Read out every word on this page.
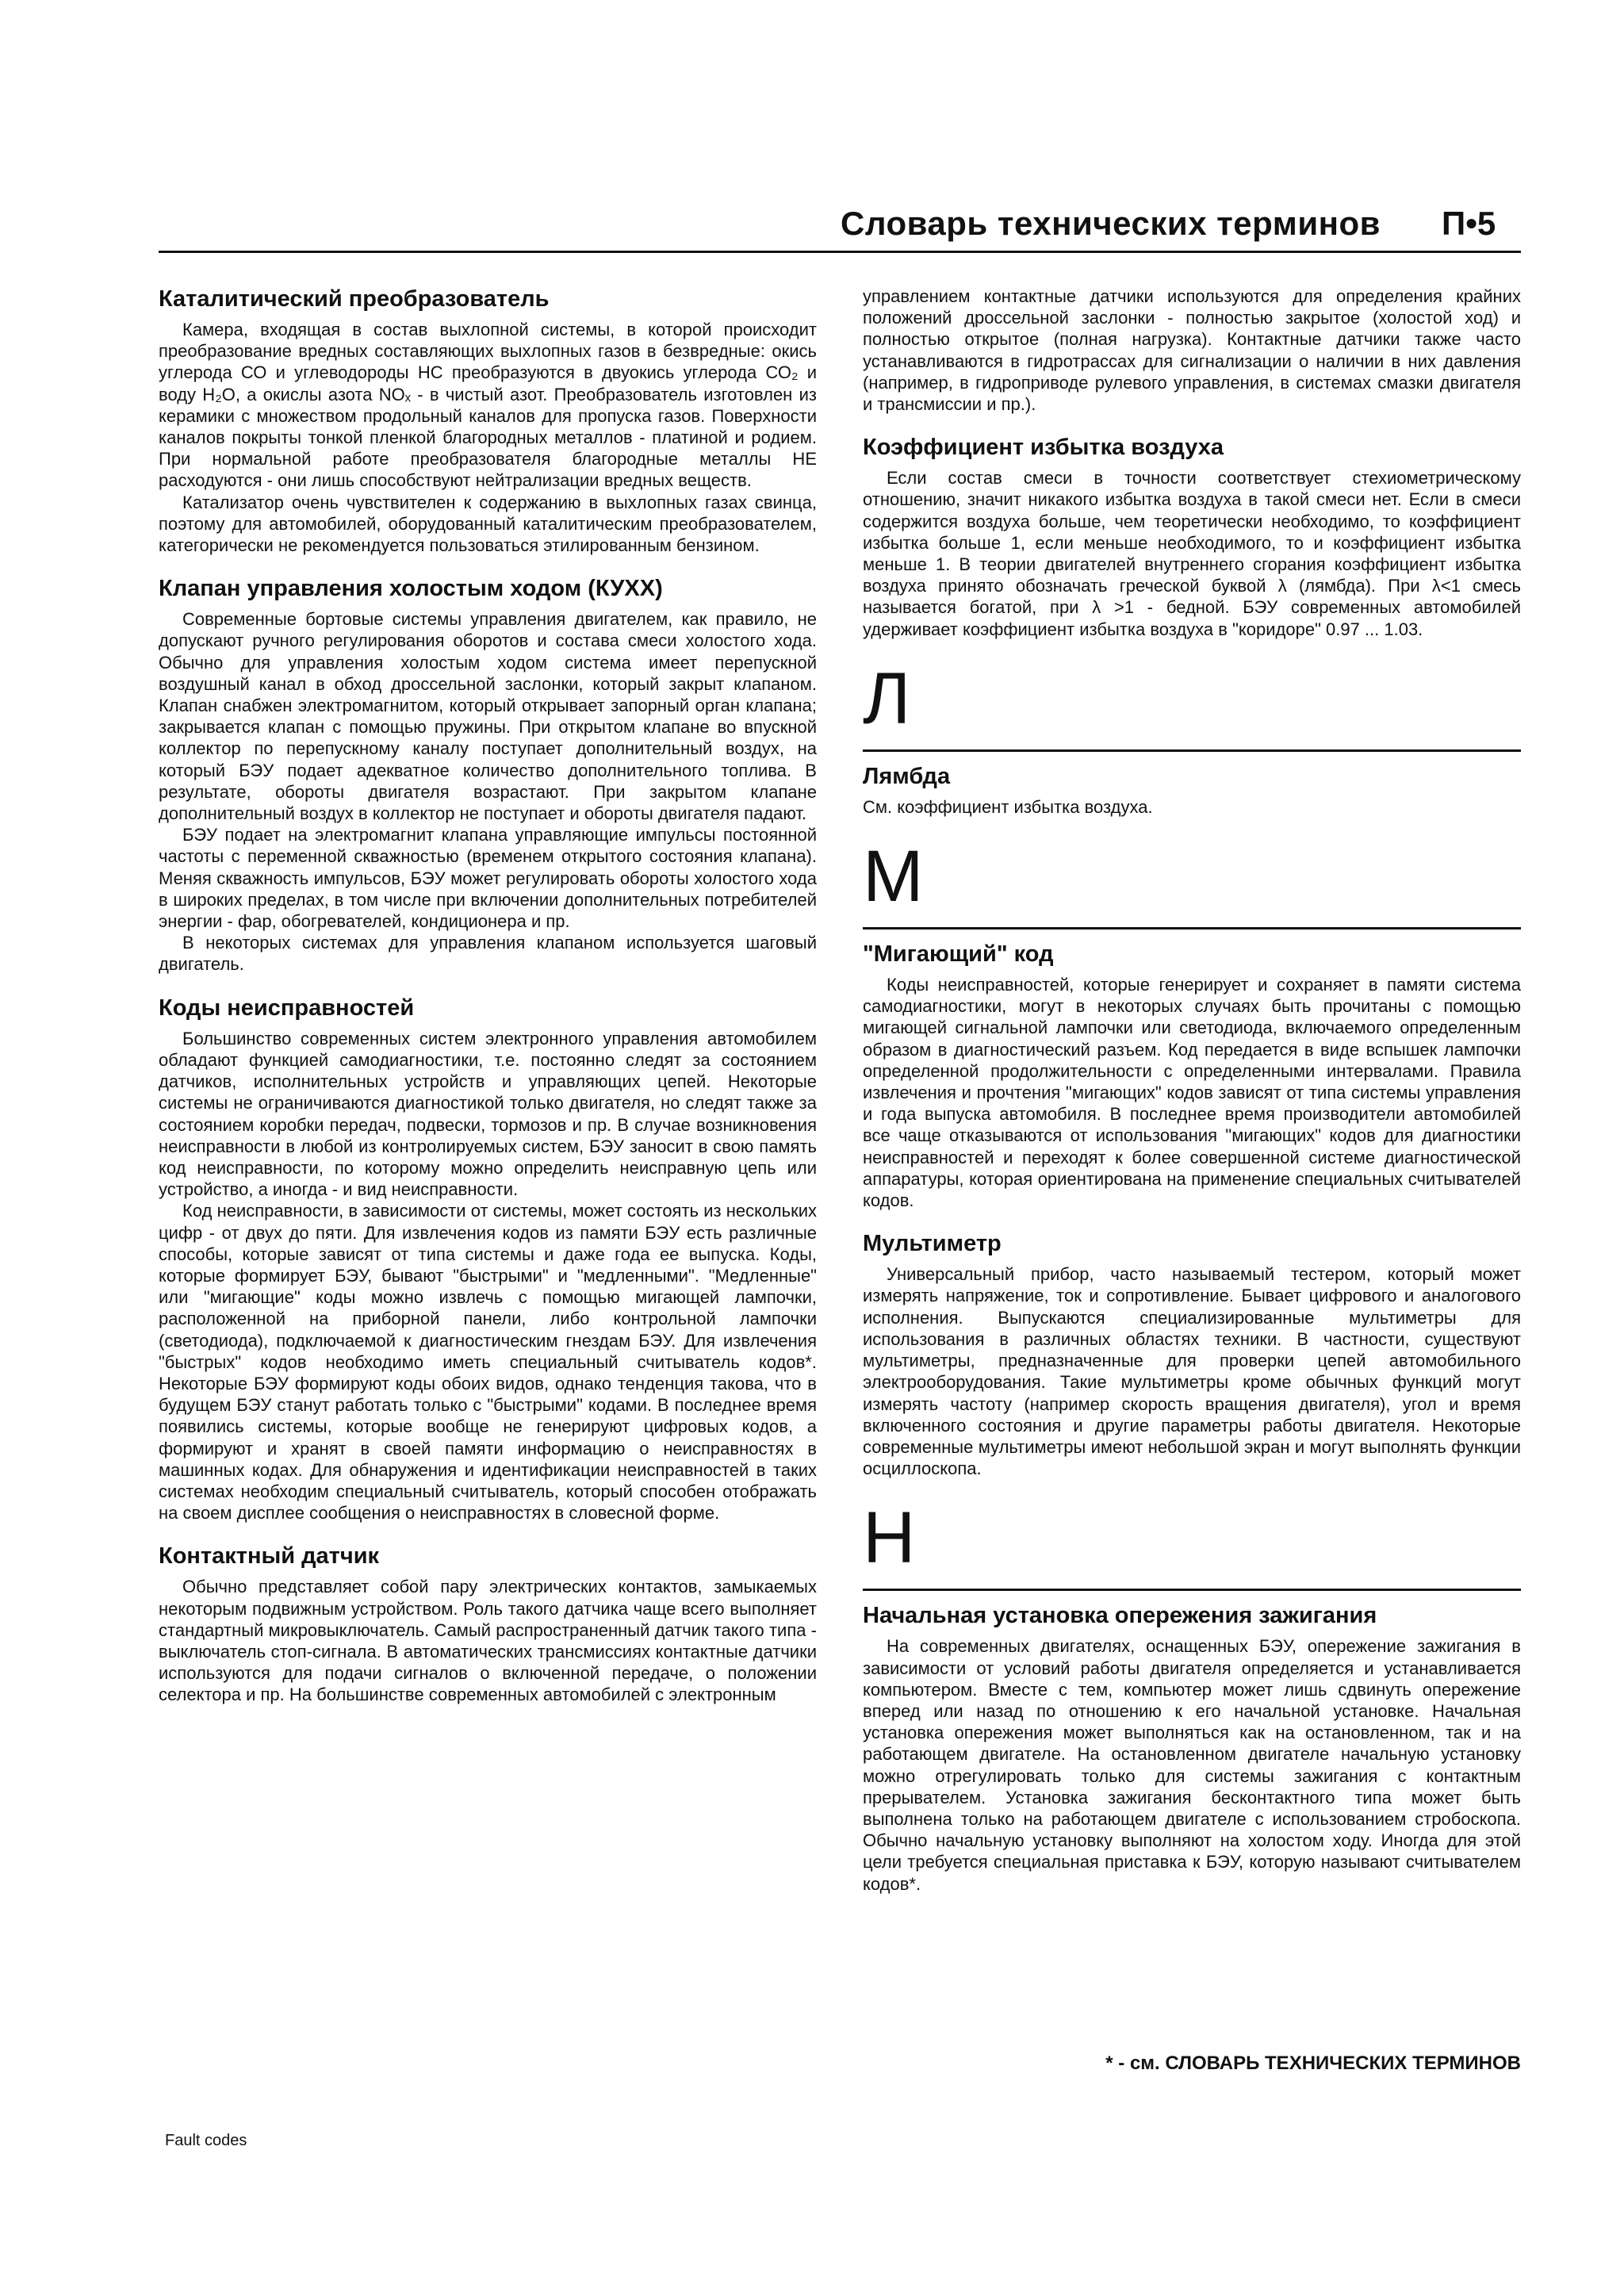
Словарь технических терминов П•5
Каталитический преобразователь

Камера, входящая в состав выхлопной системы, в которой происходит преобразование вредных составляющих выхлопных газов в безвредные: окись углерода СО и углеводороды НС преобразуются в двуокись углерода СО₂ и воду Н₂О, а окислы азота NOₓ - в чистый азот. Преобразователь изготовлен из керамики с множеством продольный каналов для пропуска газов. Поверхности каналов покрыты тонкой пленкой благородных металлов - платиной и родием. При нормальной работе преобразователя благородные металлы НЕ расходуются - они лишь способствуют нейтрализации вредных веществ.

Катализатор очень чувствителен к содержанию в выхлопных газах свинца, поэтому для автомобилей, оборудованный каталитическим преобразователем, категорически не рекомендуется пользоваться этилированным бензином.

Клапан управления холостым ходом (КУХХ)

Современные бортовые системы управления двигателем, как правило, не допускают ручного регулирования оборотов и состава смеси холостого хода. Обычно для управления холостым ходом система имеет перепускной воздушный канал в обход дроссельной заслонки, который закрыт клапаном. Клапан снабжен электромагнитом, который открывает запорный орган клапана; закрывается клапан с помощью пружины. При открытом клапане во впускной коллектор по перепускному каналу поступает дополнительный воздух, на который БЭУ подает адекватное количество дополнительного топлива. В результате, обороты двигателя возрастают. При закрытом клапане дополнительный воздух в коллектор не поступает и обороты двигателя падают.

БЭУ подает на электромагнит клапана управляющие импульсы постоянной частоты с переменной скважностью (временем открытого состояния клапана). Меняя скважность импульсов, БЭУ может регулировать обороты холостого хода в широких пределах, в том числе при включении дополнительных потребителей энергии - фар, обогревателей, кондиционера и пр.

В некоторых системах для управления клапаном используется шаговый двигатель.

Коды неисправностей

Большинство современных систем электронного управления автомобилем обладают функцией самодиагностики, т.е. постоянно следят за состоянием датчиков, исполнительных устройств и управляющих цепей. Некоторые системы не ограничиваются диагностикой только двигателя, но следят также за состоянием коробки передач, подвески, тормозов и пр. В случае возникновения неисправности в любой из контролируемых систем, БЭУ заносит в свою память код неисправности, по которому можно определить неисправную цепь или устройство, а иногда - и вид неисправности.

Код неисправности, в зависимости от системы, может состоять из нескольких цифр - от двух до пяти. Для извлечения кодов из памяти БЭУ есть различные способы, которые зависят от типа системы и даже года ее выпуска. Коды, которые формирует БЭУ, бывают "быстрыми" и "медленными". "Медленные" или "мигающие" коды можно извлечь с помощью мигающей лампочки, расположенной на приборной панели, либо контрольной лампочки (светодиода), подключаемой к диагностическим гнездам БЭУ. Для извлечения "быстрых" кодов необходимо иметь специальный считыватель кодов*. Некоторые БЭУ формируют коды обоих видов, однако тенденция такова, что в будущем БЭУ станут работать только с "быстрыми" кодами. В последнее время появились системы, которые вообще не генерируют цифровых кодов, а формируют и хранят в своей памяти информацию о неисправностях в машинных кодах. Для обнаружения и идентификации неисправностей в таких системах необходим специальный считыватель, который способен отображать на своем дисплее сообщения о неисправностях в словесной форме.

Контактный датчик

Обычно представляет собой пару электрических контактов, замыкаемых некоторым подвижным устройством. Роль такого датчика чаще всего выполняет стандартный микровыключатель. Самый распространенный датчик такого типа - выключатель стоп-сигнала. В автоматических трансмиссиях контактные датчики используются для подачи сигналов о включенной передаче, о положении селектора и пр. На большинстве современных автомобилей с электронным

управлением контактные датчики используются для определения крайних положений дроссельной заслонки - полностью закрытое (холостой ход) и полностью открытое (полная нагрузка). Контактные датчики также часто устанавливаются в гидротрассах для сигнализации о наличии в них давления (например, в гидроприводе рулевого управления, в системах смазки двигателя и трансмиссии и пр.).

Коэффициент избытка воздуха

Если состав смеси в точности соответствует стехиометрическому отношению, значит никакого избытка воздуха в такой смеси нет. Если в смеси содержится воздуха больше, чем теоретически необходимо, то коэффициент избытка больше 1, если меньше необходимого, то и коэффициент избытка меньше 1. В теории двигателей внутреннего сгорания коэффициент избытка воздуха принято обозначать греческой буквой λ (лямбда). При λ<1 смесь называется богатой, при λ >1 - бедной. БЭУ современных автомобилей удерживает коэффициент избытка воздуха в "коридоре" 0.97 ... 1.03.

Л
Лямбда

См. коэффициент избытка воздуха.

М
"Мигающий" код

Коды неисправностей, которые генерирует и сохраняет в памяти система самодиагностики, могут в некоторых случаях быть прочитаны с помощью мигающей сигнальной лампочки или светодиода, включаемого определенным образом в диагностический разъем. Код передается в виде вспышек лампочки определенной продолжительности с определенными интервалами. Правила извлечения и прочтения "мигающих" кодов зависят от типа системы управления и года выпуска автомобиля. В последнее время производители автомобилей все чаще отказываются от использования "мигающих" кодов для диагностики неисправностей и переходят к более совершенной системе диагностической аппаратуры, которая ориентирована на применение специальных считывателей кодов.

Мультиметр

Универсальный прибор, часто называемый тестером, который может измерять напряжение, ток и сопротивление. Бывает цифрового и аналогового исполнения. Выпускаются специализированные мультиметры для использования в различных областях техники. В частности, существуют мультиметры, предназначенные для проверки цепей автомобильного электрооборудования. Такие мультиметры кроме обычных функций могут измерять частоту (например скорость вращения двигателя), угол и время включенного состояния и другие параметры работы двигателя. Некоторые современные мультиметры имеют небольшой экран и могут выполнять функции осциллоскопа.

Н
Начальная установка опережения зажигания

На современных двигателях, оснащенных БЭУ, опережение зажигания в зависимости от условий работы двигателя определяется и устанавливается компьютером. Вместе с тем, компьютер может лишь сдвинуть опережение вперед или назад по отношению к его начальной установке. Начальная установка опережения может выполняться как на остановленном, так и на работающем двигателе. На остановленном двигателе начальную установку можно отрегулировать только для системы зажигания с контактным прерывателем. Установка зажигания бесконтактного типа может быть выполнена только на работающем двигателе с использованием стробоскопа. Обычно начальную установку выполняют на холостом ходу. Иногда для этой цели требуется специальная приставка к БЭУ, которую называют считывателем кодов*.

* - см. СЛОВАРЬ ТЕХНИЧЕСКИХ ТЕРМИНОВ
Fault codes
